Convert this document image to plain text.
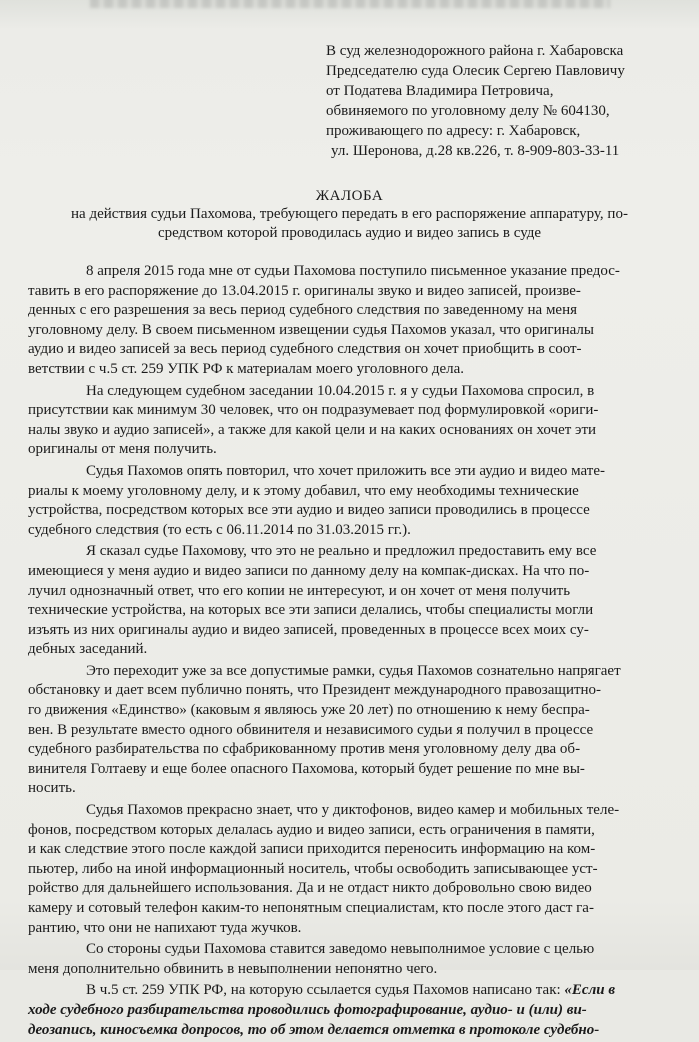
В суд железнодорожного района г. Хабаровска
Председателю суда Олесик Сергею Павловичу
от Податева Владимира Петровича,
обвиняемого по уголовному делу № 604130,
проживающего по адресу: г. Хабаровск,
ул. Шеронова, д.28 кв.226, т. 8-909-803-33-11
ЖАЛОБА
на действия судьи Пахомова, требующего передать в его распоряжение аппаратуру, по-
средством которой проводилась аудио и видео запись в суде
8 апреля 2015 года мне от судьи Пахомова поступило письменное указание предос-
тавить в его распоряжение до 13.04.2015 г. оригиналы звуко и видео записей, произве-
денных с его разрешения за весь период судебного следствия по заведенному на меня
уголовному делу. В своем письменном извещении судья Пахомов указал, что оригиналы
аудио и видео записей за весь период судебного следствия он хочет приобщить в соот-
ветствии с ч.5 ст. 259 УПК РФ к материалам моего уголовного дела.
На следующем судебном заседании 10.04.2015 г. я у судьи Пахомова спросил, в
присутствии как минимум 30 человек, что он подразумевает под формулировкой «ориги-
налы звуко и аудио записей», а также для какой цели и на каких основаниях он хочет эти
оригиналы от меня получить.
Судья Пахомов опять повторил, что хочет приложить все эти аудио и видео мате-
риалы к моему уголовному делу, и к этому добавил, что ему необходимы технические
устройства, посредством которых все эти аудио и видео записи проводились в процессе
судебного следствия (то есть с 06.11.2014 по 31.03.2015 гг.).
Я сказал судье Пахомову, что это не реально и предложил предоставить ему все
имеющиеся у меня аудио и видео записи по данному делу на компак-дисках. На что по-
лучил однозначный ответ, что его копии не интересуют, и он хочет от меня получить
технические устройства, на которых все эти записи делались, чтобы специалисты могли
изъять из них оригиналы аудио и видео записей, проведенных в процессе всех моих су-
дебных заседаний.
Это переходит уже за все допустимые рамки, судья Пахомов сознательно напрягает
обстановку и дает всем публично понять, что Президент международного правозащитно-
го движения «Единство» (каковым я являюсь уже 20 лет) по отношению к нему беспра-
вен. В результате вместо одного обвинителя и независимого судьи я получил в процессе
судебного разбирательства по сфабрикованному против меня уголовному делу два об-
винителя Голтаеву и еще более опасного Пахомова, который будет решение по мне вы-
носить.
Судья Пахомов прекрасно знает, что у диктофонов, видео камер и мобильных теле-
фонов, посредством которых делалась аудио и видео записи, есть ограничения в памяти,
и как следствие этого после каждой записи приходится переносить информацию на ком-
пьютер, либо на иной информационный носитель, чтобы освободить записывающее уст-
ройство для дальнейшего использования. Да и не отдаст никто добровольно свою видео
камеру и сотовый телефон каким-то непонятным специалистам, кто после этого даст га-
рантию, что они не напихают туда жучков.
Со стороны судьи Пахомова ставится заведомо невыполнимое условие с целью
меня дополнительно обвинить в невыполнении непонятно чего.
В ч.5 ст. 259 УПК РФ, на которую ссылается судья Пахомов написано так: «Если в
ходе судебного разбирательства проводились фотографирование, аудио- и (или) ви-
деозапись, киносъемка допросов, то об этом делается отметка в протоколе судебно-
